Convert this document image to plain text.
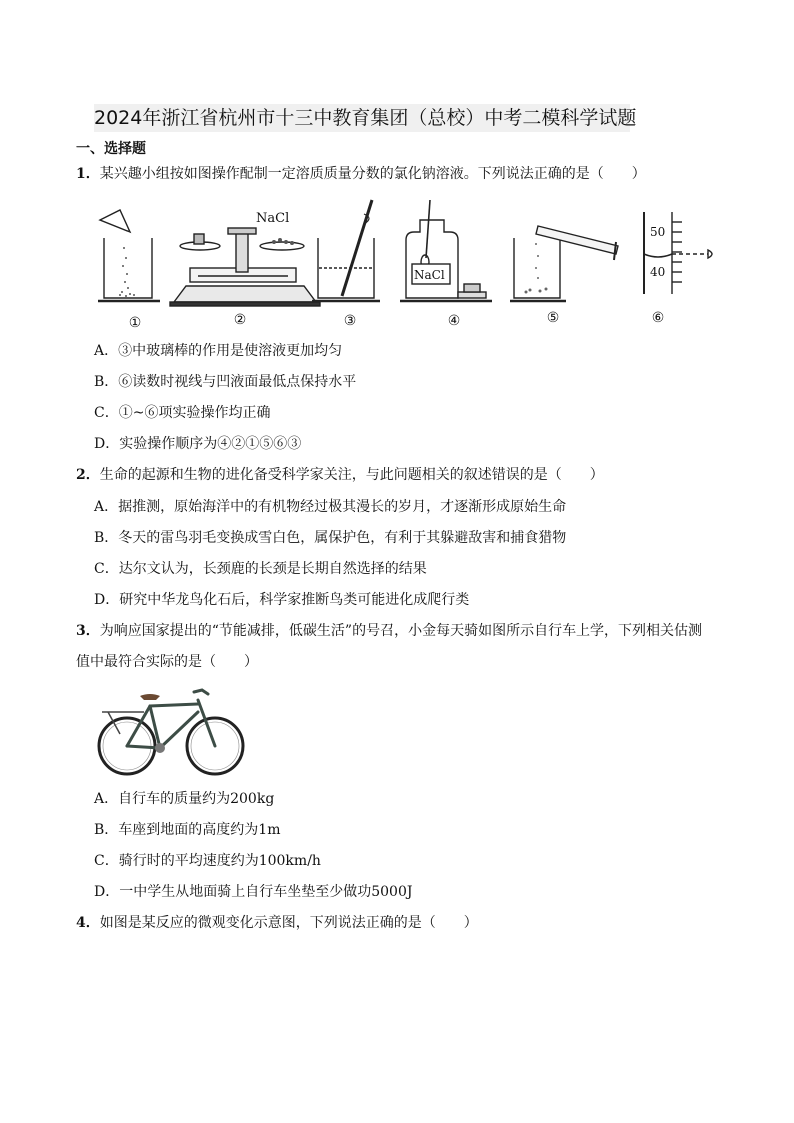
2024年浙江省杭州市十三中教育集团（总校）中考二模科学试题
一、选择题
1．某兴趣小组按如图操作配制一定溶质质量分数的氯化钠溶液。下列说法正确的是（　　）
NaCl
NaCl
50
40
①	②	③	④	⑤	⑥
A．③中玻璃棒的作用是使溶液更加均匀
B．⑥读数时视线与凹液面最低点保持水平
C．①~⑥项实验操作均正确
D．实验操作顺序为④②①⑤⑥③
2．生命的起源和生物的进化备受科学家关注，与此问题相关的叙述错误的是（　　）
A．据推测，原始海洋中的有机物经过极其漫长的岁月，才逐渐形成原始生命
B．冬天的雷鸟羽毛变换成雪白色，属保护色，有利于其躲避敌害和捕食猎物
C．达尔文认为，长颈鹿的长颈是长期自然选择的结果
D．研究中华龙鸟化石后，科学家推断鸟类可能进化成爬行类
3．为响应国家提出的“节能减排，低碳生活”的号召，小金每天骑如图所示自行车上学，下列相关估测值中最符合实际的是（　　）
A．自行车的质量约为200kg
B．车座到地面的高度约为1m
C．骑行时的平均速度约为100km/h
D．一中学生从地面骑上自行车坐垫至少做功5000J
4．如图是某反应的微观变化示意图，下列说法正确的是（　　）
